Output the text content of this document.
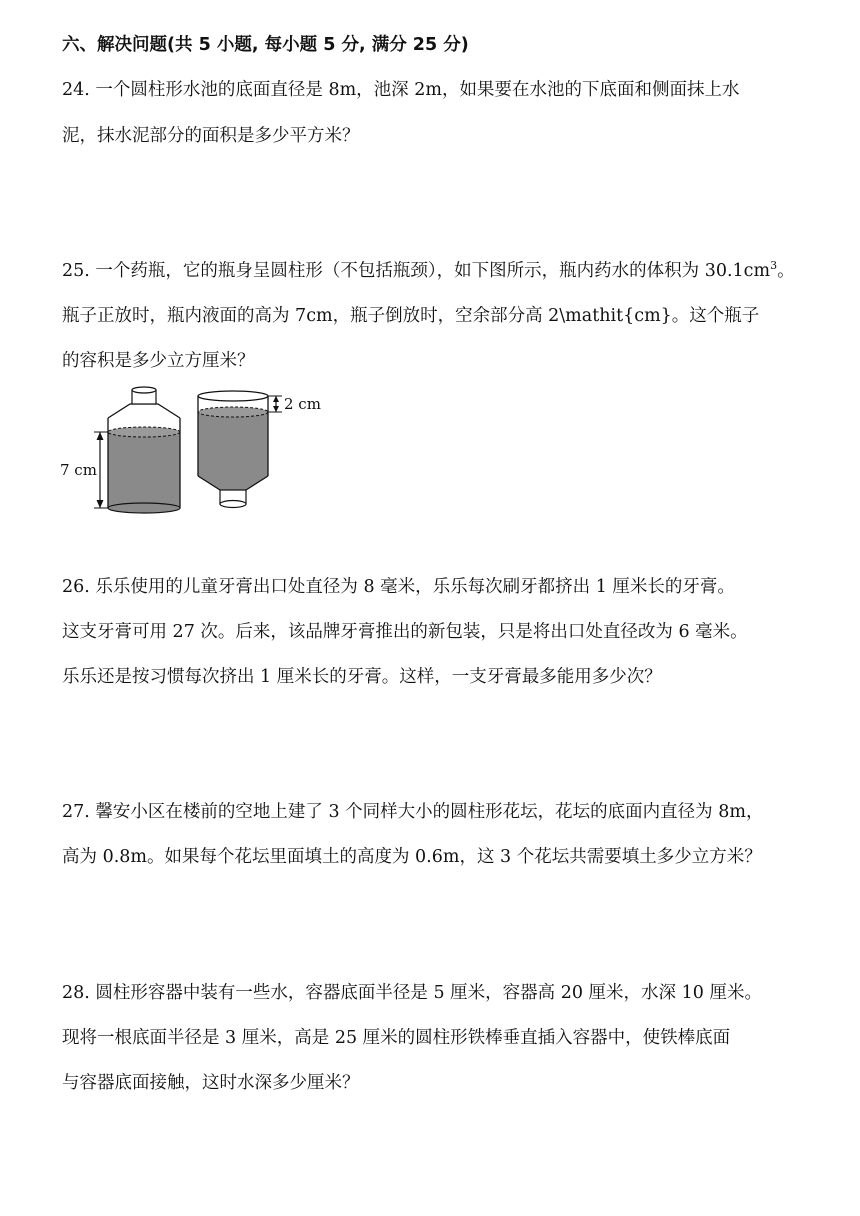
六、解决问题(共 5 小题, 每小题 5 分, 满分 25 分)
24. 一个圆柱形水池的底面直径是 8m，池深 2m，如果要在水池的下底面和侧面抹上水
泥，抹水泥部分的面积是多少平方米？
25. 一个药瓶，它的瓶身呈圆柱形（不包括瓶颈），如下图所示，瓶内药水的体积为 $30.1cm^3$。
瓶子正放时，瓶内液面的高为 7cm，瓶子倒放时，空余部分高 2\mathit{cm}。这个瓶子
的容积是多少立方厘米？
7 cm
2 cm
26. 乐乐使用的儿童牙膏出口处直径为 8 毫米，乐乐每次刷牙都挤出 1 厘米长的牙膏。
这支牙膏可用 27 次。后来，该品牌牙膏推出的新包装，只是将出口处直径改为 6 毫米。
乐乐还是按习惯每次挤出 1 厘米长的牙膏。这样，一支牙膏最多能用多少次？
27. 馨安小区在楼前的空地上建了 3 个同样大小的圆柱形花坛，花坛的底面内直径为 8m，
高为 0.8m。如果每个花坛里面填土的高度为 0.6m，这 3 个花坛共需要填土多少立方米？
28. 圆柱形容器中装有一些水，容器底面半径是 5 厘米，容器高 20 厘米，水深 10 厘米。
现将一根底面半径是 3 厘米，高是 25 厘米的圆柱形铁棒垂直插入容器中，使铁棒底面
与容器底面接触，这时水深多少厘米？
